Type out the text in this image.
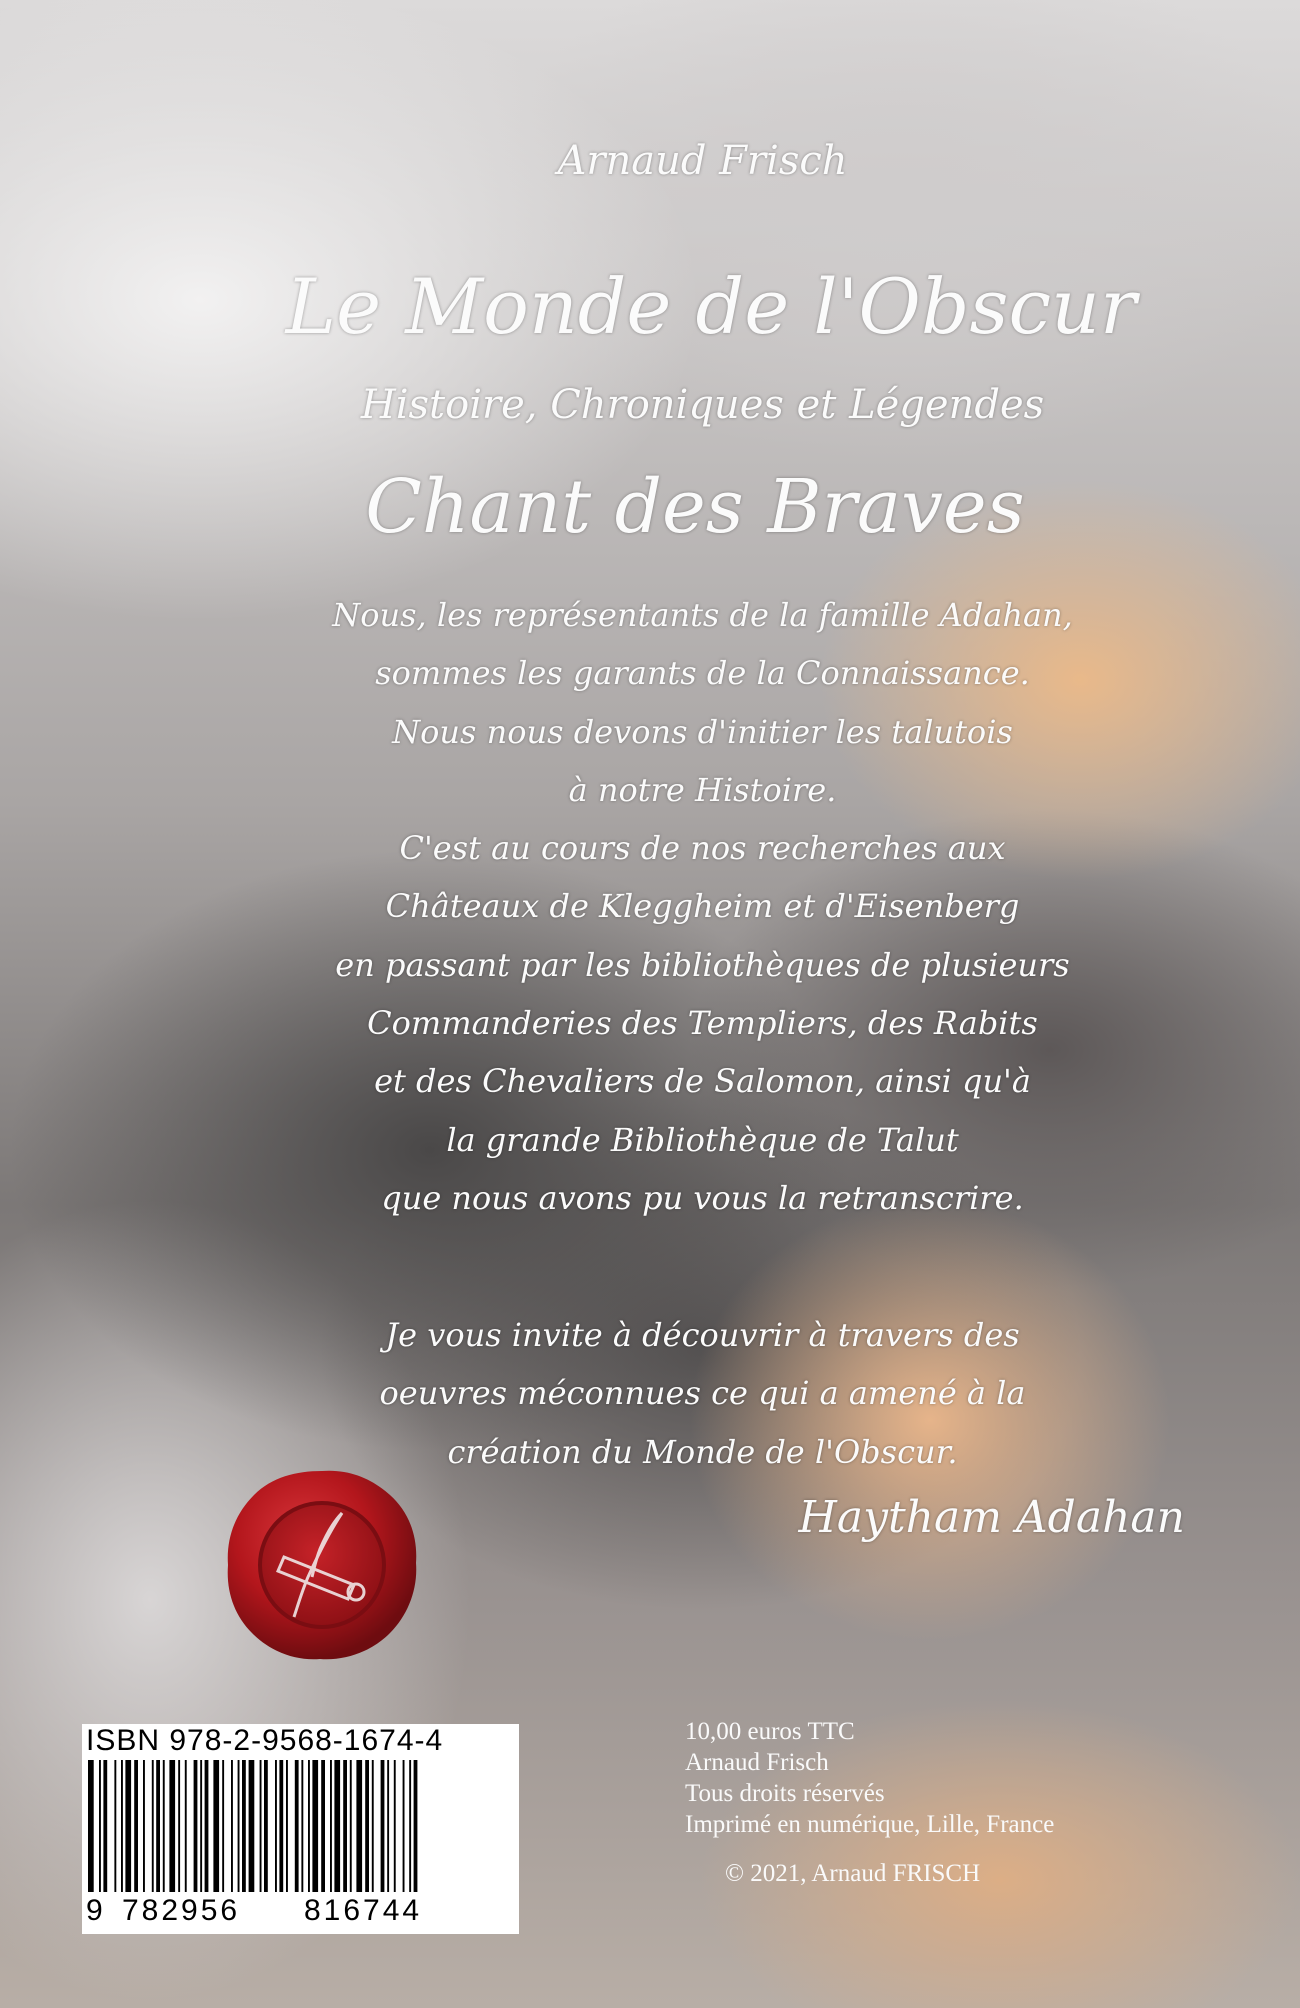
Arnaud Frisch
Le Monde de l'Obscur
Histoire, Chroniques et Légendes
Chant des Braves
Nous, les représentants de la famille Adahan,
sommes les garants de la Connaissance.
Nous nous devons d'initier les talutois
à notre Histoire.
C'est au cours de nos recherches aux
Châteaux de Kleggheim et d'Eisenberg
en passant par les bibliothèques de plusieurs
Commanderies des Templiers, des Rabits
et des Chevaliers de Salomon, ainsi qu'à
la grande Bibliothèque de Talut
que nous avons pu vous la retranscrire.
Je vous invite à découvrir à travers des
oeuvres méconnues ce qui a amené à la
création du Monde de l'Obscur.
Haytham Adahan
ISBN 978-2-9568-1674-4
9 782956 816744
10,00 euros TTC
Arnaud Frisch
Tous droits réservés
Imprimé en numérique, Lille, France
© 2021, Arnaud FRISCH
